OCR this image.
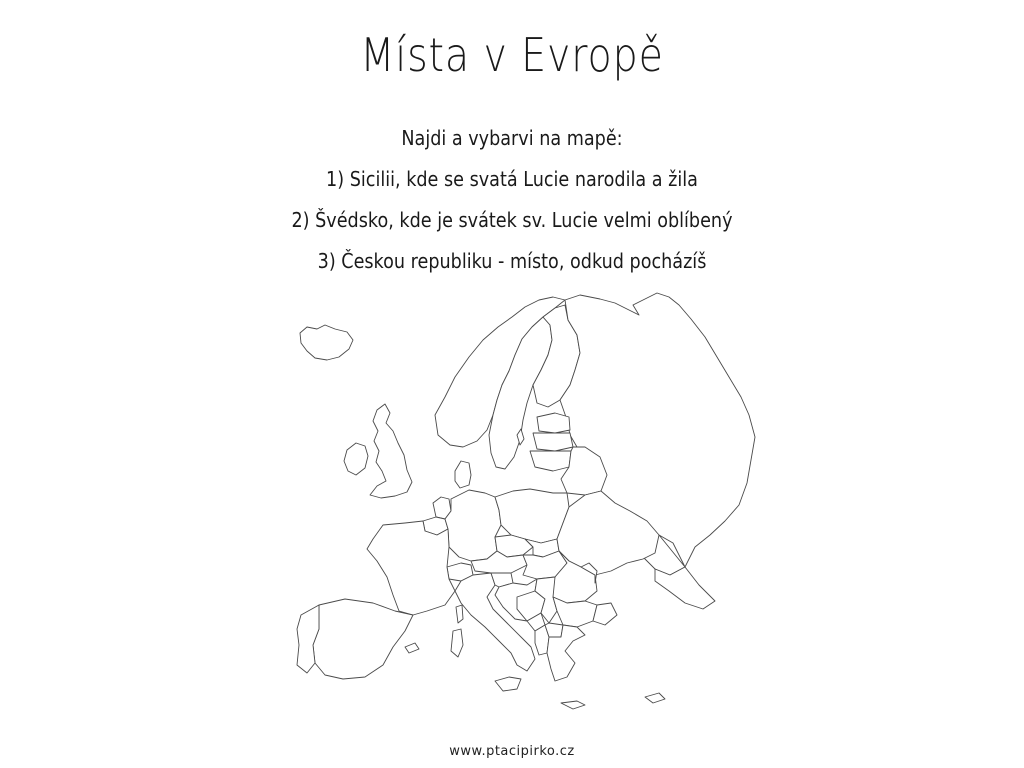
Místa v Evropě
Najdi a vybarvi na mapě:
1) Sicilii, kde se svatá Lucie narodila a žila
2) Švédsko, kde je svátek sv. Lucie velmi oblíbený
3) Českou republiku - místo, odkud pocházíš
www.ptacipirko.cz
